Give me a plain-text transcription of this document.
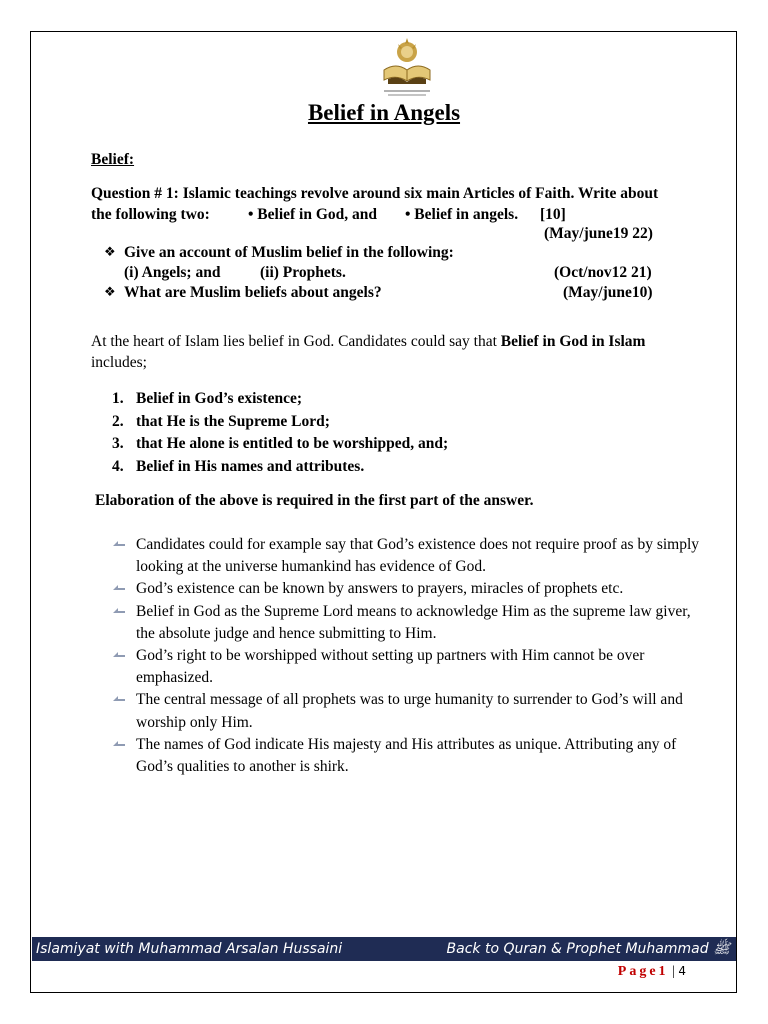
Belief in Angels
Belief:
Question # 1: Islamic teachings revolve around six main Articles of Faith. Write about
the following two: • Belief in God, and • Belief in angels. [10]
(May/june19 22)
❖ Give an account of Muslim belief in the following:
(i) Angels; and	(ii) Prophets.	(Oct/nov12 21)
❖ What are Muslim beliefs about angels?	(May/june10)
At the heart of Islam lies belief in God. Candidates could say that Belief in God in Islam
includes;
1. Belief in God’s existence;
2. that He is the Supreme Lord;
3. that He alone is entitled to be worshipped, and;
4. Belief in His names and attributes.
Elaboration of the above is required in the first part of the answer.
Candidates could for example say that God’s existence does not require proof as by simply looking at the universe humankind has evidence of God.
God’s existence can be known by answers to prayers, miracles of prophets etc.
Belief in God as the Supreme Lord means to acknowledge Him as the supreme law giver, the absolute judge and hence submitting to Him.
God’s right to be worshipped without setting up partners with Him cannot be over emphasized.
The central message of all prophets was to urge humanity to surrender to God’s will and worship only Him.
The names of God indicate His majesty and His attributes as unique. Attributing any of God’s qualities to another is shirk.
Islamiyat with Muhammad Arsalan Hussaini	Back to Quran & Prophet Muhammad ﷺ
Page1 | 4
